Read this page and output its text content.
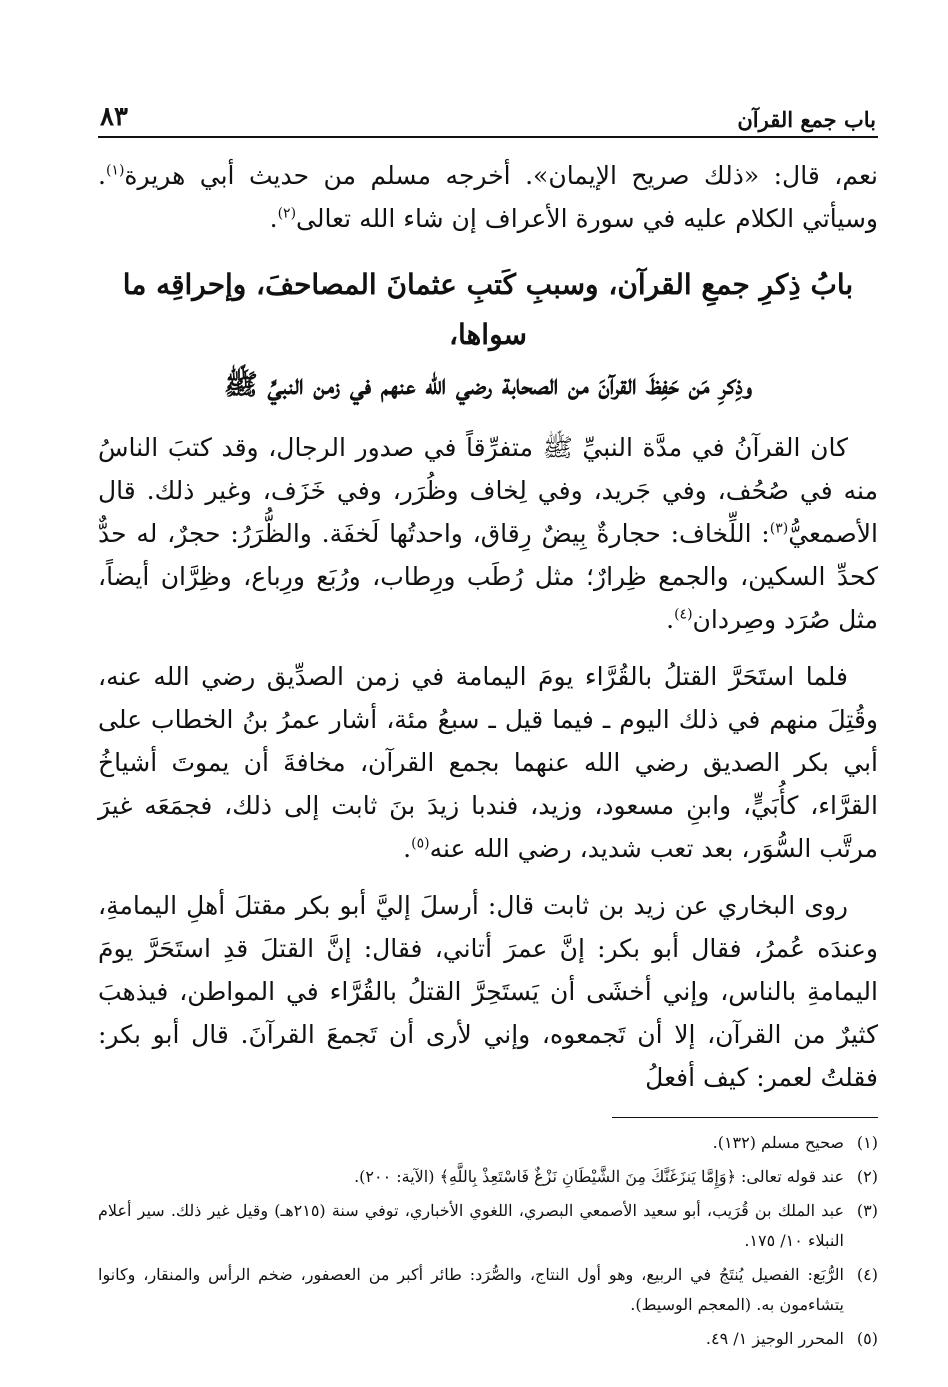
باب جمع القرآن
٨٣

نعم، قال: «ذلك صريح الإيمان». أخرجه مسلم من حديث أبي هريرة$^{(١)}$. وسيأتي الكلام عليه في سورة الأعراف إن شاء الله تعالى$^{(٢)}$.

بابُ ذِكرِ جمعِ القرآن، وسببِ كَتبِ عثمانَ المصاحفَ، وإحراقِه ما سواها،
وذِكرِ مَن حَفِظَ القرآنَ من الصحابة رضي الله عنهم في زمن النبيِّ ﷺ

كان القرآنُ في مدَّة النبيِّ ﷺ متفرِّقاً في صدور الرجال، وقد كتبَ الناسُ منه في صُحُف، وفي جَريد، وفي لِخاف وظُرَر، وفي خَزَف، وغير ذلك. قال الأصمعيُّ$^{(٣)}$: اللِّخاف: حجارةٌ بِيضٌ رِقاق، واحدتُها لَخفَة. والظُّرَرُ: حجرٌ، له حدٌّ كحدِّ السكين، والجمع ظِرارٌ؛ مثل رُطَب ورِطاب، ورُبَع ورِباع، وظِرَّان أيضاً، مثل صُرَد وصِردان$^{(٤)}$.

فلما استَحَرَّ القتلُ بالقُرَّاء يومَ اليمامة في زمن الصدِّيق رضي الله عنه، وقُتِلَ منهم في ذلك اليوم ـ فيما قيل ـ سبعُ مئة، أشار عمرُ بنُ الخطاب على أبي بكر الصديق رضي الله عنهما بجمع القرآن، مخافةَ أن يموتَ أشياخُ القرَّاء، كأُبَيٍّ، وابنِ مسعود، وزيد، فندبا زيدَ بنَ ثابت إلى ذلك، فجمَعَه غيرَ مرتَّب السُّوَر، بعد تعب شديد، رضي الله عنه$^{(٥)}$.

روى البخاري عن زيد بن ثابت قال: أرسلَ إليَّ أبو بكر مقتلَ أهلِ اليمامةِ، وعندَه عُمرُ، فقال أبو بكر: إنَّ عمرَ أتاني، فقال: إنَّ القتلَ قدِ استَحَرَّ يومَ اليمامةِ بالناس، وإني أخشَى أن يَستَحِرَّ القتلُ بالقُرَّاء في المواطن، فيذهبَ كثيرٌ من القرآن، إلا أن تَجمعوه، وإني لأرى أن تَجمعَ القرآنَ. قال أبو بكر: فقلتُ لعمر: كيف أفعلُ

(١)
صحيح مسلم (١٣٢).
(٢)
عند قوله تعالى: ﴿وَإِمَّا يَنزَغَنَّكَ مِنَ الشَّيْطَانِ نَزْغٌ فَاسْتَعِذْ بِاللَّهِ﴾ (الآية: ٢٠٠).
(٣)
عبد الملك بن قُرَيب، أبو سعيد الأصمعي البصري، اللغوي الأخباري، توفي سنة (٢١٥هـ) وقيل غير ذلك. سير أعلام النبلاء ١٠/ ١٧٥.
(٤)
الرُّبَع: الفصيل يُنتَجُ في الربيع، وهو أول النتاج، والصُّرَد: طائر أكبر من العصفور، ضخم الرأس والمنقار، وكانوا يتشاءمون به. (المعجم الوسيط).
(٥)
المحرر الوجيز ١/ ٤٩.
